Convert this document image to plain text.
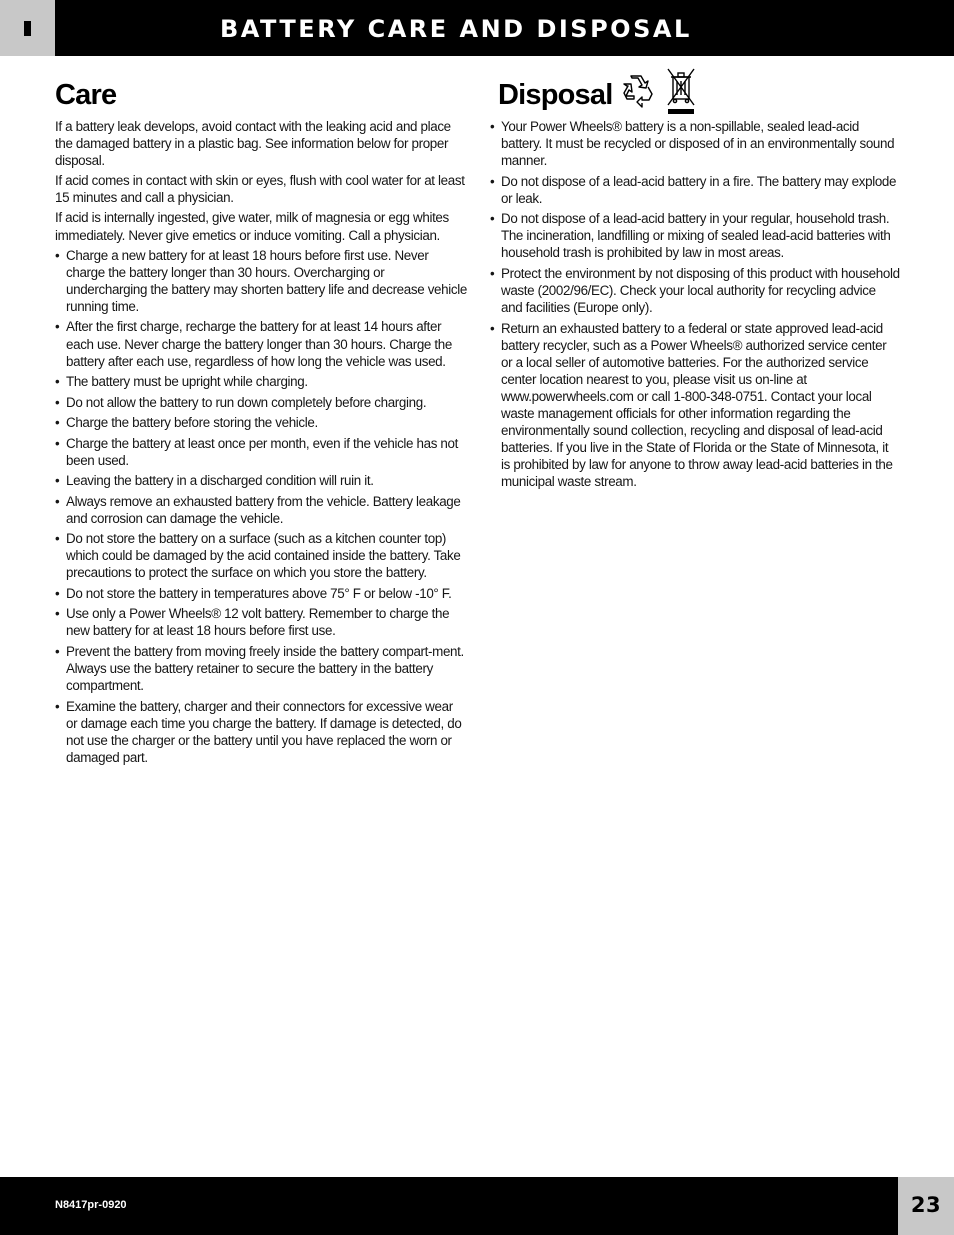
BATTERY CARE AND DISPOSAL
Care

If a battery leak develops, avoid contact with the leaking acid and place the damaged battery in a plastic bag. See information below for proper disposal.

If acid comes in contact with skin or eyes, flush with cool water for at least 15 minutes and call a physician.

If acid is internally ingested, give water, milk of magnesia or egg whites immediately. Never give emetics or induce vomiting. Call a physician.

• Charge a new battery for at least 18 hours before first use. Never charge the battery longer than 30 hours. Overcharging or undercharging the battery may shorten battery life and decrease vehicle running time.
• After the first charge, recharge the battery for at least 14 hours after each use. Never charge the battery longer than 30 hours. Charge the battery after each use, regardless of how long the vehicle was used.
• The battery must be upright while charging.
• Do not allow the battery to run down completely before charging.
• Charge the battery before storing the vehicle.
• Charge the battery at least once per month, even if the vehicle has not been used.
• Leaving the battery in a discharged condition will ruin it.
• Always remove an exhausted battery from the vehicle. Battery leakage and corrosion can damage the vehicle.
• Do not store the battery on a surface (such as a kitchen counter top) which could be damaged by the acid contained inside the battery. Take precautions to protect the surface on which you store the battery.
• Do not store the battery in temperatures above 75° F or below -10° F.
• Use only a Power Wheels® 12 volt battery. Remember to charge the new battery for at least 18 hours before first use.
• Prevent the battery from moving freely inside the battery compart-ment. Always use the battery retainer to secure the battery in the battery compartment.
• Examine the battery, charger and their connectors for excessive wear or damage each time you charge the battery. If damage is detected, do not use the charger or the battery until you have replaced the worn or damaged part.
Disposal
• Your Power Wheels® battery is a non-spillable, sealed lead-acid battery. It must be recycled or disposed of in an environmentally sound manner.
• Do not dispose of a lead-acid battery in a fire. The battery may explode or leak.
• Do not dispose of a lead-acid battery in your regular, household trash. The incineration, landfilling or mixing of sealed lead-acid batteries with household trash is prohibited by law in most areas.
• Protect the environment by not disposing of this product with household waste (2002/96/EC). Check your local authority for recycling advice and facilities (Europe only).
• Return an exhausted battery to a federal or state approved lead-acid battery recycler, such as a Power Wheels® authorized service center or a local seller of automotive batteries. For the authorized service center location nearest to you, please visit us on-line at www.powerwheels.com or call 1-800-348-0751. Contact your local waste management officials for other information regarding the environmentally sound collection, recycling and disposal of lead-acid batteries. If you live in the State of Florida or the State of Minnesota, it is prohibited by law for anyone to throw away lead-acid batteries in the municipal waste stream.
N8417pr-0920	23
